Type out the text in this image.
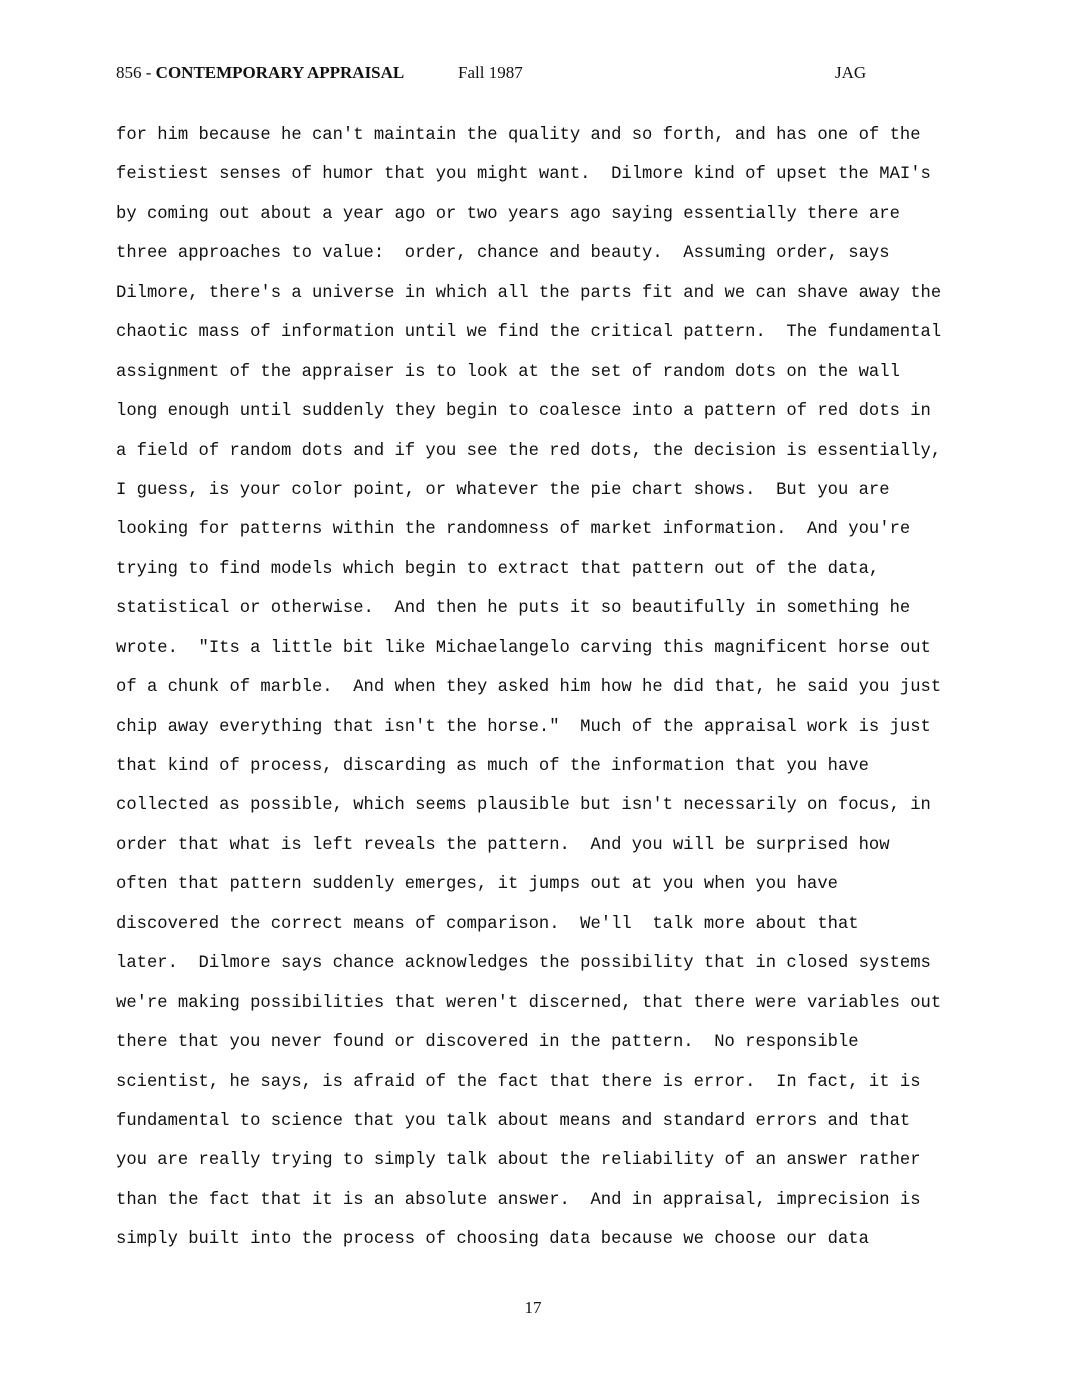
856 - CONTEMPORARY APPRAISAL	Fall 1987	JAG
for him because he can't maintain the quality and so forth, and has one of the
feistiest senses of humor that you might want.  Dilmore kind of upset the MAI's
by coming out about a year ago or two years ago saying essentially there are
three approaches to value:  order, chance and beauty.  Assuming order, says
Dilmore, there's a universe in which all the parts fit and we can shave away the
chaotic mass of information until we find the critical pattern.  The fundamental
assignment of the appraiser is to look at the set of random dots on the wall
long enough until suddenly they begin to coalesce into a pattern of red dots in
a field of random dots and if you see the red dots, the decision is essentially,
I guess, is your color point, or whatever the pie chart shows.  But you are
looking for patterns within the randomness of market information.  And you're
trying to find models which begin to extract that pattern out of the data,
statistical or otherwise.  And then he puts it so beautifully in something he
wrote.  "Its a little bit like Michaelangelo carving this magnificent horse out
of a chunk of marble.  And when they asked him how he did that, he said you just
chip away everything that isn't the horse."  Much of the appraisal work is just
that kind of process, discarding as much of the information that you have
collected as possible, which seems plausible but isn't necessarily on focus, in
order that what is left reveals the pattern.  And you will be surprised how
often that pattern suddenly emerges, it jumps out at you when you have
discovered the correct means of comparison.  We'll  talk more about that
later.  Dilmore says chance acknowledges the possibility that in closed systems
we're making possibilities that weren't discerned, that there were variables out
there that you never found or discovered in the pattern.  No responsible
scientist, he says, is afraid of the fact that there is error.  In fact, it is
fundamental to science that you talk about means and standard errors and that
you are really trying to simply talk about the reliability of an answer rather
than the fact that it is an absolute answer.  And in appraisal, imprecision is
simply built into the process of choosing data because we choose our data
17
